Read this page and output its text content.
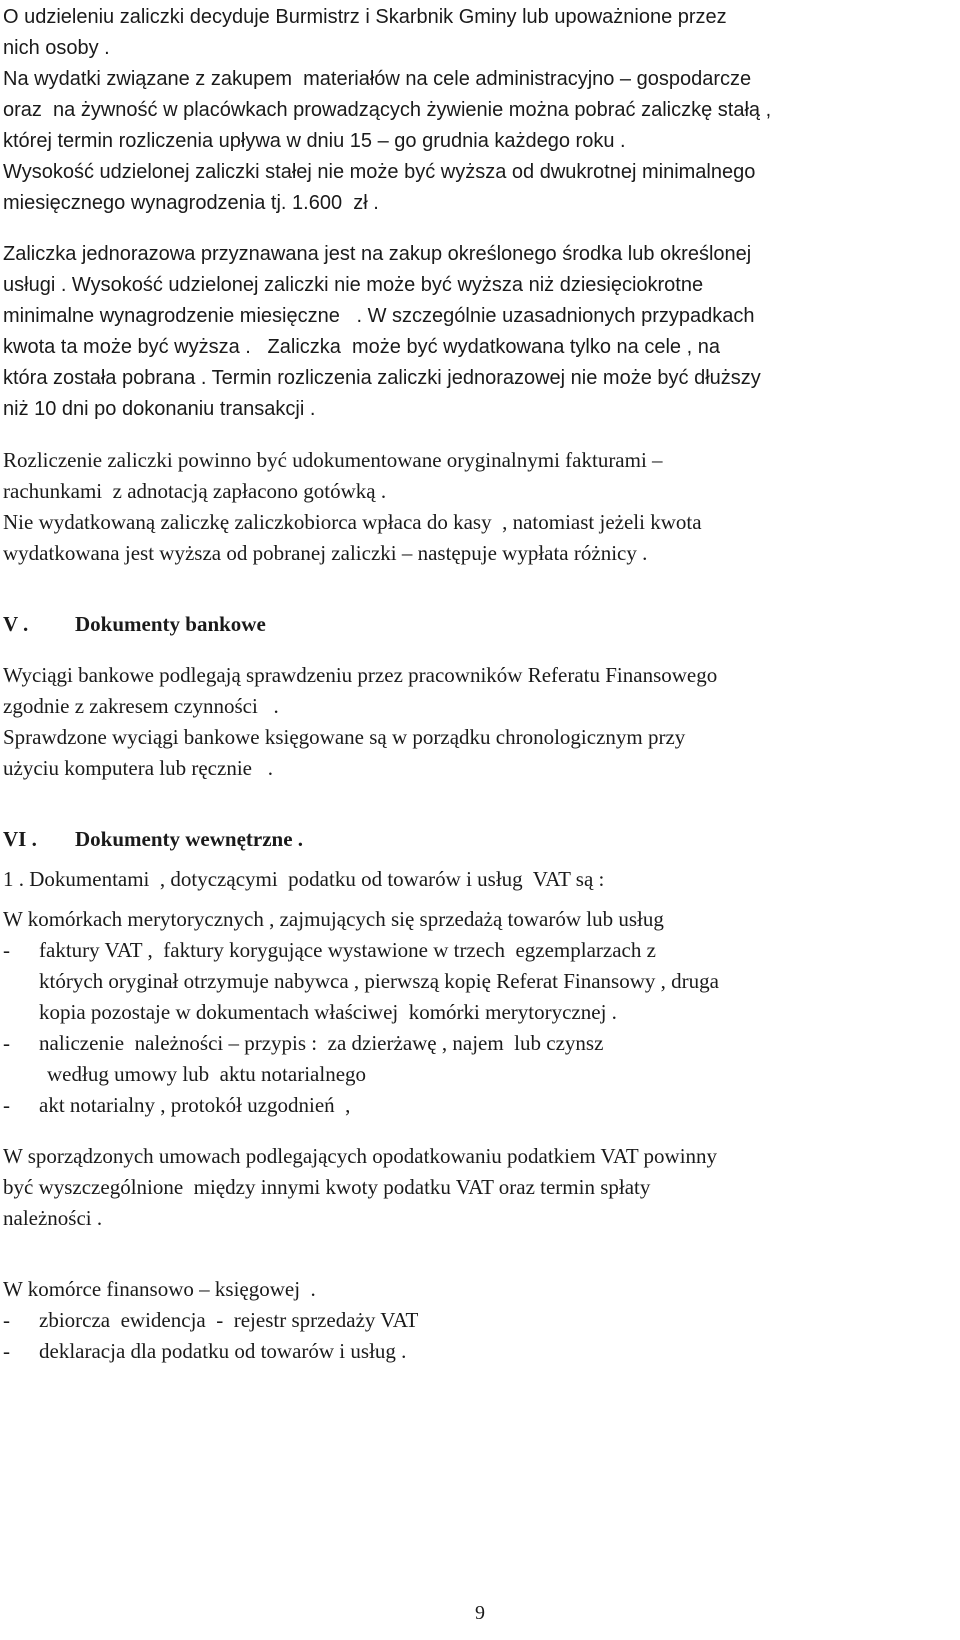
O udzieleniu zaliczki decyduje Burmistrz i Skarbnik Gminy lub upoważnione przez
nich osoby .
Na wydatki związane z zakupem  materiałów na cele administracyjno – gospodarcze
oraz  na żywność w placówkach prowadzących żywienie można pobrać zaliczkę stałą ,
której termin rozliczenia upływa w dniu 15 – go grudnia każdego roku .
Wysokość udzielonej zaliczki stałej nie może być wyższa od dwukrotnej minimalnego
miesięcznego wynagrodzenia tj. 1.600  zł .
Zaliczka jednorazowa przyznawana jest na zakup określonego środka lub określonej
usługi . Wysokość udzielonej zaliczki nie może być wyższa niż dziesięciokrotne
minimalne wynagrodzenie miesięczne   . W szczególnie uzasadnionych przypadkach
kwota ta może być wyższa .   Zaliczka  może być wydatkowana tylko na cele , na
która została pobrana . Termin rozliczenia zaliczki jednorazowej nie może być dłuższy
niż 10 dni po dokonaniu transakcji .
Rozliczenie zaliczki powinno być udokumentowane oryginalnymi fakturami –
rachunkami  z adnotacją zapłacono gotówką .
Nie wydatkowaną zaliczkę zaliczkobiorca wpłaca do kasy  , natomiast jeżeli kwota
wydatkowana jest wyższa od pobranej zaliczki – następuje wypłata różnicy .
V .	Dokumenty bankowe
Wyciągi bankowe podlegają sprawdzeniu przez pracowników Referatu Finansowego
zgodnie z zakresem czynności   .
Sprawdzone wyciągi bankowe księgowane są w porządku chronologicznym przy
użyciu komputera lub ręcznie   .
VI .	Dokumenty wewnętrzne .
1 . Dokumentami  , dotyczącymi  podatku od towarów i usług  VAT są :
W komórkach merytorycznych , zajmujących się sprzedażą towarów lub usług
-	faktury VAT ,  faktury korygujące wystawione w trzech  egzemplarzach z
których oryginał otrzymuje nabywca , pierwszą kopię Referat Finansowy , druga
kopia pozostaje w dokumentach właściwej  komórki merytorycznej .
-	naliczenie  należności – przypis :  za dzierżawę , najem  lub czynsz
według umowy lub  aktu notarialnego
-	akt notarialny , protokół uzgodnień  ,
W sporządzonych umowach podlegających opodatkowaniu podatkiem VAT powinny
być wyszczególnione  między innymi kwoty podatku VAT oraz termin spłaty
należności .
W komórce finansowo – księgowej  .
-	zbiorcza  ewidencja  -  rejestr sprzedaży VAT
-	deklaracja dla podatku od towarów i usług .
9
